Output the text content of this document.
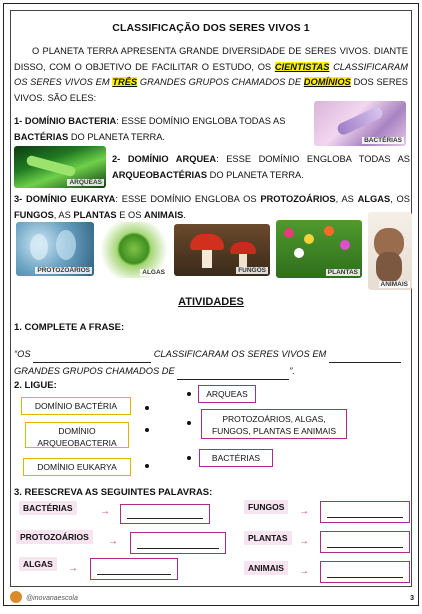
CLASSIFICAÇÃO DOS SERES VIVOS 1
O PLANETA TERRA APRESENTA GRANDE DIVERSIDADE DE SERES VIVOS. DIANTE DISSO, COM O OBJETIVO DE FACILITAR O ESTUDO, OS CIENTISTAS CLASSIFICARAM OS SERES VIVOS EM TRÊS GRANDES GRUPOS CHAMADOS DE DOMÍNIOS DOS SERES VIVOS. SÃO ELES:
1- DOMÍNIO BACTERIA: ESSE DOMÍNIO ENGLOBA TODAS AS BACTÉRIAS DO PLANETA TERRA.	BACTÉRIAS
ARQUEAS
2- DOMÍNIO ARQUEA: ESSE DOMÍNIO ENGLOBA TODAS AS ARQUEOBACTÉRIAS DO PLANETA TERRA.
3- DOMÍNIO EUKARYA: ESSE DOMÍNIO ENGLOBA OS PROTOZOÁRIOS, AS ALGAS, OS FUNGOS, AS PLANTAS E OS ANIMAIS.
PROTOZOÁRIOS	ALGAS	FUNGOS	PLANTAS
ANIMAIS
ATIVIDADES
1. COMPLETE A FRASE:
“OS	CLASSIFICARAM OS SERES VIVOS EM
GRANDES GRUPOS CHAMADOS DE	”.
2. LIGUE:
DOMÍNIO BACTÉRIA
DOMÍNIO ARQUEOBACTERIA
DOMÍNIO EUKARYA
ARQUEAS
PROTOZOÁRIOS, ALGAS, FUNGOS, PLANTAS E ANIMAIS
BACTÉRIAS
3. REESCREVA AS SEGUINTES PALAVRAS:
BACTÉRIAS	→	FUNGOS	→
PROTOZOÁRIOS	→	PLANTAS	→
ALGAS	→	ANIMAIS	→
@inovanaescola	3
